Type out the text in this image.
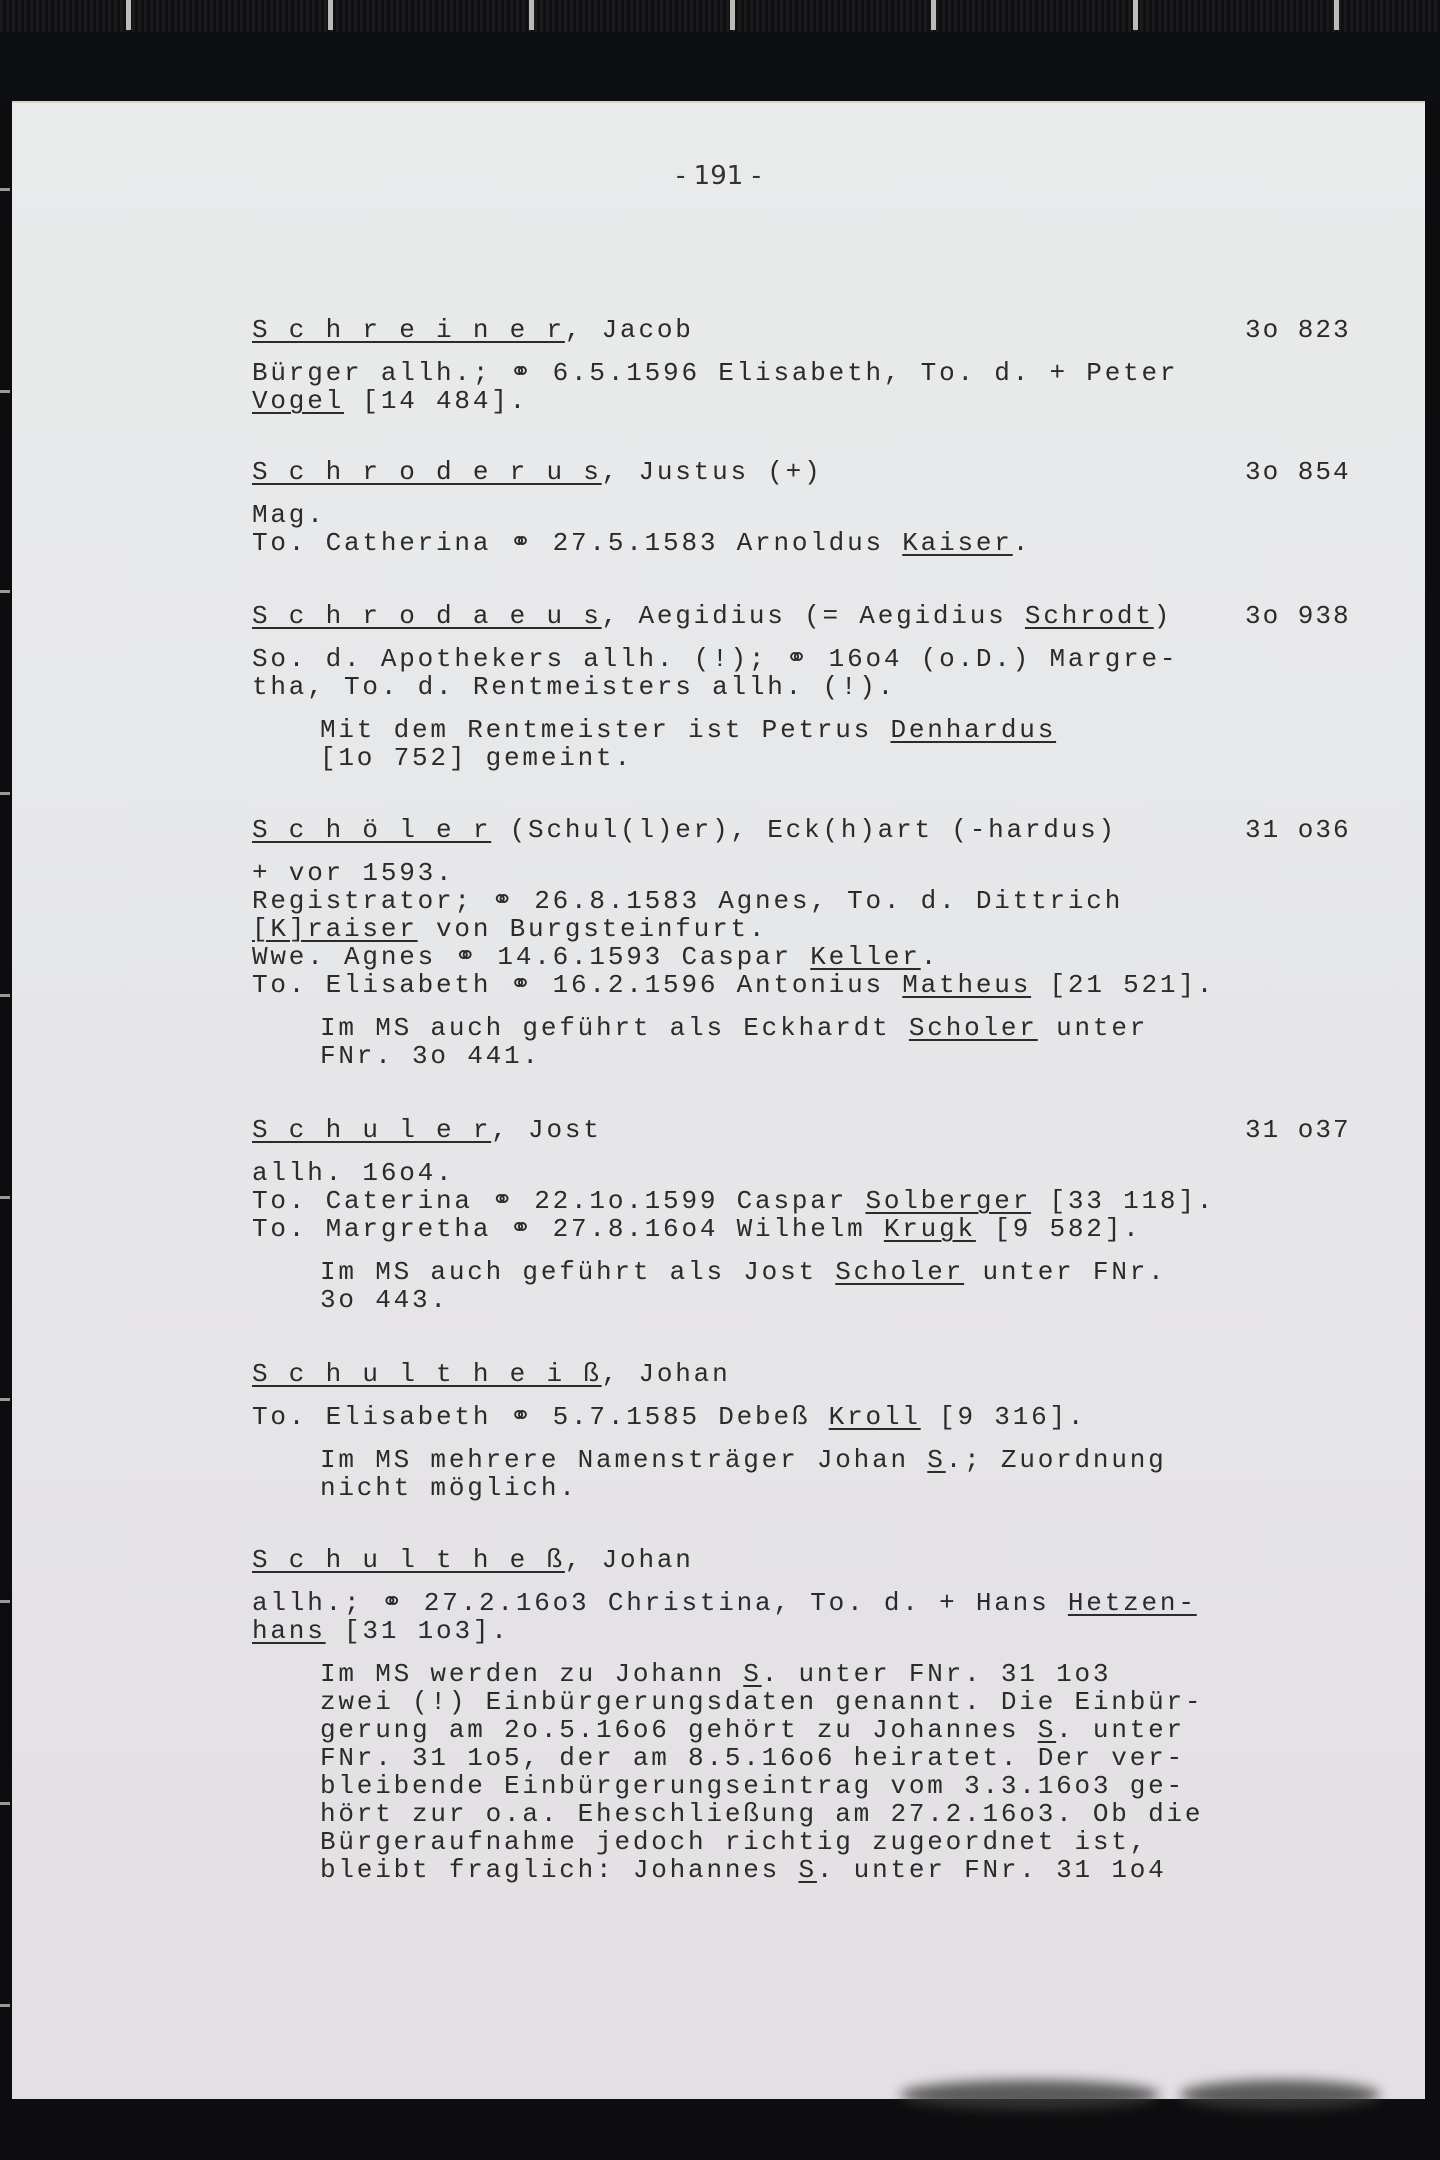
- 191 -
S c h r e i n e r, Jacob	3o 823
Bürger allh.; ⚭ 6.5.1596 Elisabeth, To. d. + Peter
Vogel [14 484].
S c h r o d e r u s, Justus (+)	3o 854
Mag.
To. Catherina ⚭ 27.5.1583 Arnoldus Kaiser.
S c h r o d a e u s, Aegidius (= Aegidius Schrodt)	3o 938
So. d. Apothekers allh. (!); ⚭ 16o4 (o.D.) Margre-
tha, To. d. Rentmeisters allh. (!).
Mit dem Rentmeister ist Petrus Denhardus
[1o 752] gemeint.
S c h ö l e r (Schul(l)er), Eck(h)art (-hardus)	31 o36
+ vor 1593.
Registrator; ⚭ 26.8.1583 Agnes, To. d. Dittrich
[K]raiser von Burgsteinfurt.
Wwe. Agnes ⚭ 14.6.1593 Caspar Keller.
To. Elisabeth ⚭ 16.2.1596 Antonius Matheus [21 521].
Im MS auch geführt als Eckhardt Scholer unter
FNr. 3o 441.
S c h u l e r, Jost	31 o37
allh. 16o4.
To. Caterina ⚭ 22.1o.1599 Caspar Solberger [33 118].
To. Margretha ⚭ 27.8.16o4 Wilhelm Krugk [9 582].
Im MS auch geführt als Jost Scholer unter FNr.
3o 443.
S c h u l t h e i ß, Johan
To. Elisabeth ⚭ 5.7.1585 Debeß Kroll [9 316].
Im MS mehrere Namensträger Johan S.; Zuordnung
nicht möglich.
S c h u l t h e ß, Johan
allh.; ⚭ 27.2.16o3 Christina, To. d. + Hans Hetzen-
hans [31 1o3].
Im MS werden zu Johann S. unter FNr. 31 1o3
zwei (!) Einbürgerungsdaten genannt. Die Einbür-
gerung am 2o.5.16o6 gehört zu Johannes S. unter
FNr. 31 1o5, der am 8.5.16o6 heiratet. Der ver-
bleibende Einbürgerungseintrag vom 3.3.16o3 ge-
hört zur o.a. Eheschließung am 27.2.16o3. Ob die
Bürgeraufnahme jedoch richtig zugeordnet ist,
bleibt fraglich: Johannes S. unter FNr. 31 1o4
